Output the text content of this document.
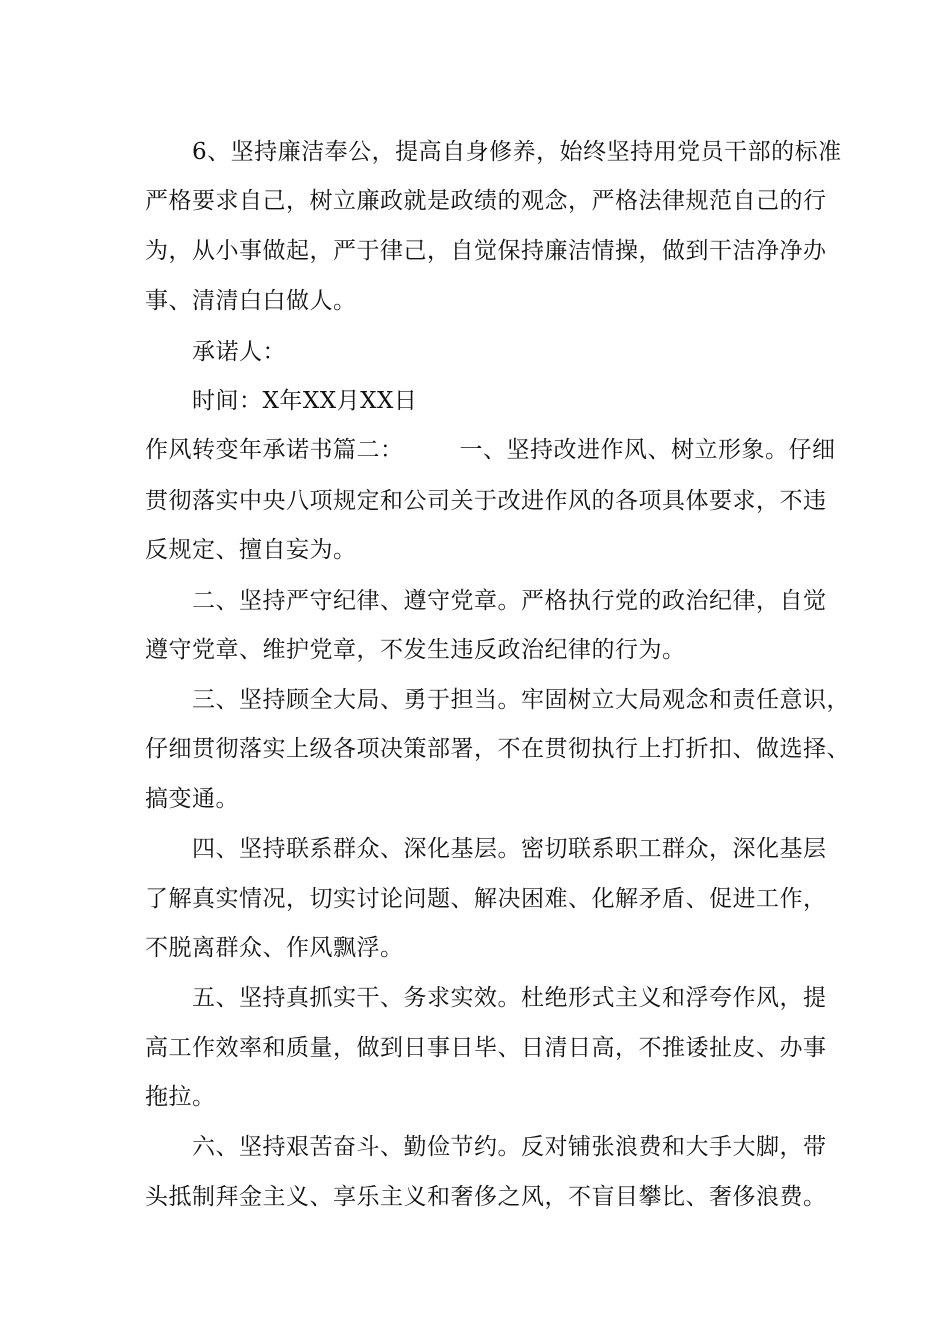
　　6、坚持廉洁奉公，提高自身修养，始终坚持用党员干部的标准
严格要求自己，树立廉政就是政绩的观念，严格法律规范自己的行
为，从小事做起，严于律己，自觉保持廉洁情操，做到干洁净净办
事、清清白白做人。
　　承诺人：
　　时间：X年XX月XX日
作风转变年承诺书篇二： 一、坚持改进作风、树立形象。仔细
贯彻落实中央八项规定和公司关于改进作风的各项具体要求，不违
反规定、擅自妄为。
　　二、坚持严守纪律、遵守党章。严格执行党的政治纪律，自觉
遵守党章、维护党章，不发生违反政治纪律的行为。
　　三、坚持顾全大局、勇于担当。牢固树立大局观念和责任意识，
仔细贯彻落实上级各项决策部署，不在贯彻执行上打折扣、做选择、
搞变通。
　　四、坚持联系群众、深化基层。密切联系职工群众，深化基层
了解真实情况，切实讨论问题、解决困难、化解矛盾、促进工作，
不脱离群众、作风飘浮。
　　五、坚持真抓实干、务求实效。杜绝形式主义和浮夸作风，提
高工作效率和质量，做到日事日毕、日清日高，不推诿扯皮、办事
拖拉。
　　六、坚持艰苦奋斗、勤俭节约。反对铺张浪费和大手大脚，带
头抵制拜金主义、享乐主义和奢侈之风，不盲目攀比、奢侈浪费。
